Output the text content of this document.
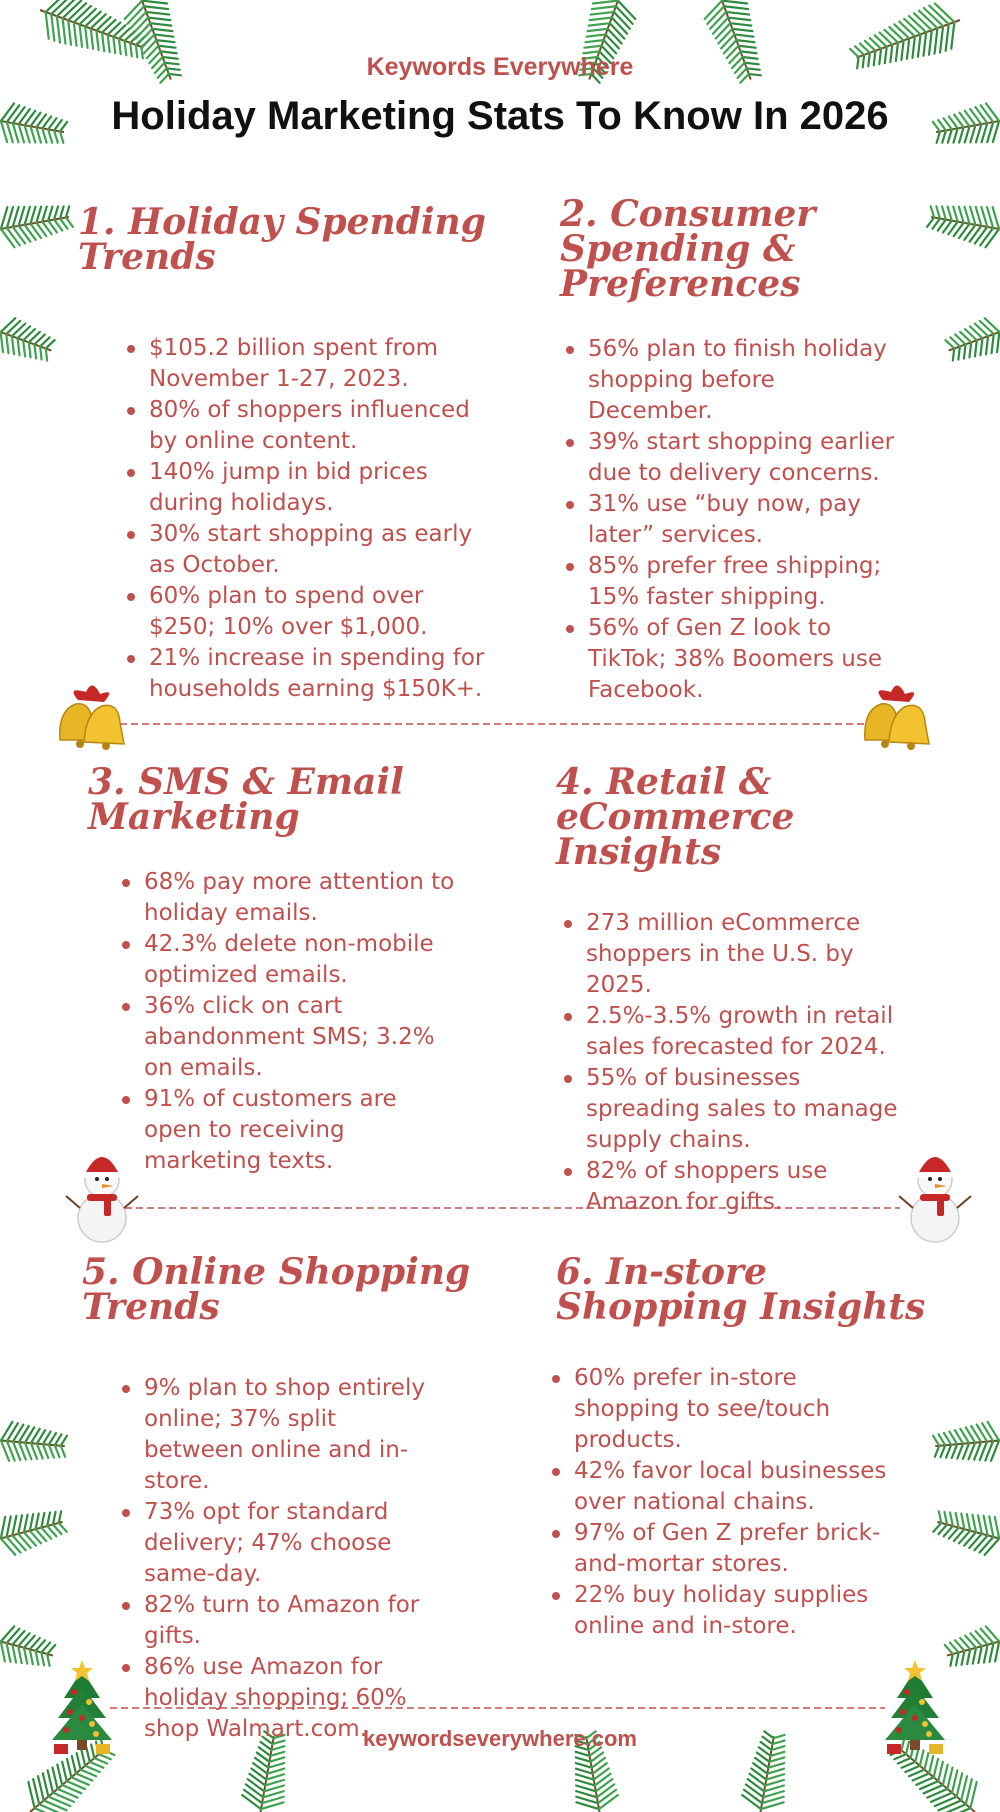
Keywords Everywhere
Holiday Marketing Stats To Know In 2026
1. Holiday Spending Trends
$105.2 billion spent from November 1-27, 2023.
80% of shoppers influenced by online content.
140% jump in bid prices during holidays.
30% start shopping as early as October.
60% plan to spend over $250; 10% over $1,000.
21% increase in spending for households earning $150K+.
2. Consumer Spending & Preferences
56% plan to finish holiday shopping before December.
39% start shopping earlier due to delivery concerns.
31% use “buy now, pay later” services.
85% prefer free shipping; 15% faster shipping.
56% of Gen Z look to TikTok; 38% Boomers use Facebook.
3. SMS & Email Marketing
68% pay more attention to holiday emails.
42.3% delete non-mobile optimized emails.
36% click on cart abandonment SMS; 3.2% on emails.
91% of customers are open to receiving marketing texts.
4. Retail & eCommerce Insights
273 million eCommerce shoppers in the U.S. by 2025.
2.5%-3.5% growth in retail sales forecasted for 2024.
55% of businesses spreading sales to manage supply chains.
82% of shoppers use Amazon for gifts.
5. Online Shopping Trends
9% plan to shop entirely online; 37% split between online and in-store.
73% opt for standard delivery; 47% choose same-day.
82% turn to Amazon for gifts.
86% use Amazon for holiday shopping; 60% shop Walmart.com.
6. In-store Shopping Insights
60% prefer in-store shopping to see/touch products.
42% favor local businesses over national chains.
97% of Gen Z prefer brick-and-mortar stores.
22% buy holiday supplies online and in-store.
keywordseverywhere.com
